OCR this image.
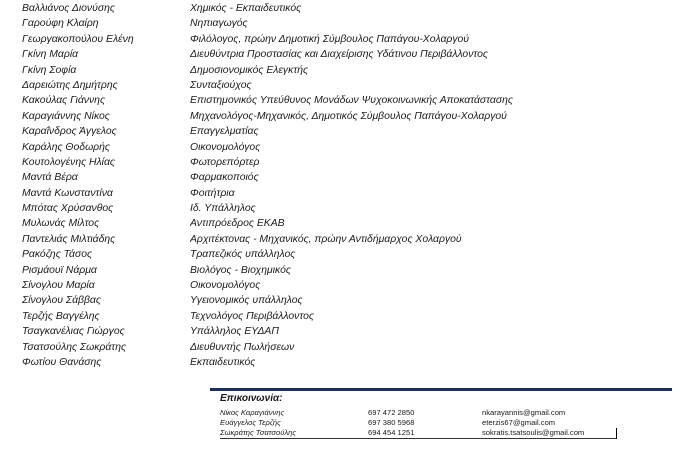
Βαλλιάνος Διονύσης	Χημικός - Εκπαιδευτικός
Γαρούφη Κλαίρη	Νηπιαγωγός
Γεωργακοπούλου Ελένη	Φιλόλογος, πρώην Δημοτική Σύμβουλος Παπάγου-Χολαργού
Γκίνη Μαρία	Διευθύντρια Προστασίας και Διαχείρισης Υδάτινου Περιβάλλοντος
Γκίνη Σοφία	Δημοσιονομικός Ελεγκτής
Δαρειώτης Δημήτρης	Συνταξιούχος
Κακούλας Γιάννης	Επιστημονικός Υπεύθυνος Μονάδων Ψυχοκοινωνικής Αποκατάστασης
Καραγιάννης Νίκος	Μηχανολόγος-Μηχανικός, Δημοτικός Σύμβουλος Παπάγου-Χολαργού
Καραΐνδρος Άγγελος	Επαγγελματίας
Καράλης Θοδωρής	Οικονομολόγος
Κουτολογένης Ηλίας	Φωτορεπόρτερ
Μαντά Βέρα	Φαρμακοποιός
Μαντά Κωνσταντίνα	Φοιτήτρια
Μπότας Χρύσανθος	Ιδ. Υπάλληλος
Μυλωνάς Μίλτος	Αντιπρόεδρος ΕΚΑΒ
Παντελιάς Μιλτιάδης	Αρχιτέκτονας - Μηχανικός, πρώην Αντιδήμαρχος Χολαργού
Ρακόζης Τάσος	Τραπεζικός υπάλληλος
Ρισμάουϊ Νάρμα	Βιολόγος - Βιοχημικός
Σίνογλου Μαρία	Οικονομολόγος
Σίνογλου Σάββας	Υγειονομικός υπάλληλος
Τερζής Βαγγέλης	Τεχνολόγος Περιβάλλοντος
Τσαγκανέλιας Γιώργος	Υπάλληλος ΕΥΔΑΠ
Τσατσούλης Σωκράτης	Διευθυντής Πωλήσεων
Φωτίου Θανάσης	Εκπαιδευτικός
Επικοινωνία:
Νίκος Καραγιάννης	697 472 2850	nkarayannis@gmail.com
Ευάγγελος Τερζής	697 380 5968	eterzis67@gmail.com
Σωκράτης Τσατσούλης	694 454 1251	sokratis.tsatsoulis@gmail.com
